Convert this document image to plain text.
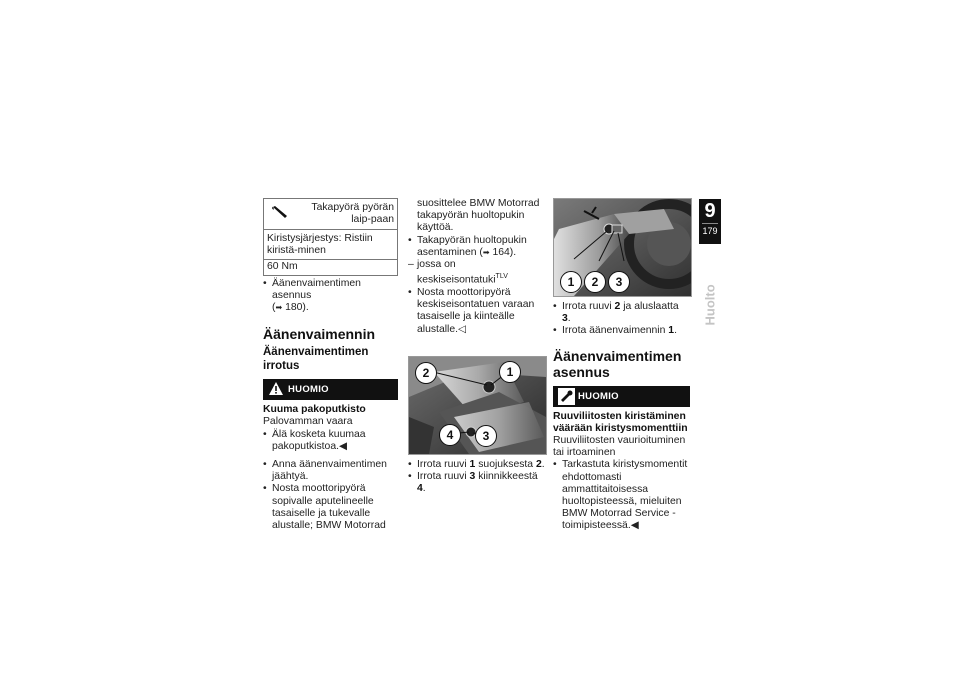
Takapyörä pyörän laip-paan
Kiristysjärjestys: Ristiin kiristä-minen
60 Nm
• Äänenvaimentimen asennus
(➡ 180).
Äänenvaimennin
Äänenvaimentimen irrotus
HUOMIO
Kuuma pakoputkisto
Palovamman vaara
• Älä kosketa kuumaa pakoputkistoa.◀
• Anna äänenvaimentimen jäähtyä.
• Nosta moottoripyörä sopivalle aputelineelle tasaiselle ja tukevalle alustalle; BMW Motorrad
suosittelee BMW Motorrad takapyörän huoltopukin käyttöä.
• Takapyörän huoltopukin asentaminen (➡ 164).
– jossa on keskiseisontatuki$^{TLV}$
• Nosta moottoripyörä keskiseisontatuen varaan tasaiselle ja kiinteälle alustalle.◁
2	1
4	3
• Irrota ruuvi 1 suojuksesta 2.
• Irrota ruuvi 3 kiinnikkeestä 4.
1	2	3
• Irrota ruuvi 2 ja aluslaatta 3.
• Irrota äänenvaimennin 1.
Äänenvaimentimen
asennus
HUOMIO
Ruuviliitosten kiristäminen väärään kiristysmomenttiin
Ruuviliitosten vaurioituminen tai irtoaminen
• Tarkastuta kiristysmomentit ehdottomasti ammattitaitoisessa huoltopisteessä, mieluiten BMW Motorrad Service -toimipisteessä.◀
9
179
Huolto
